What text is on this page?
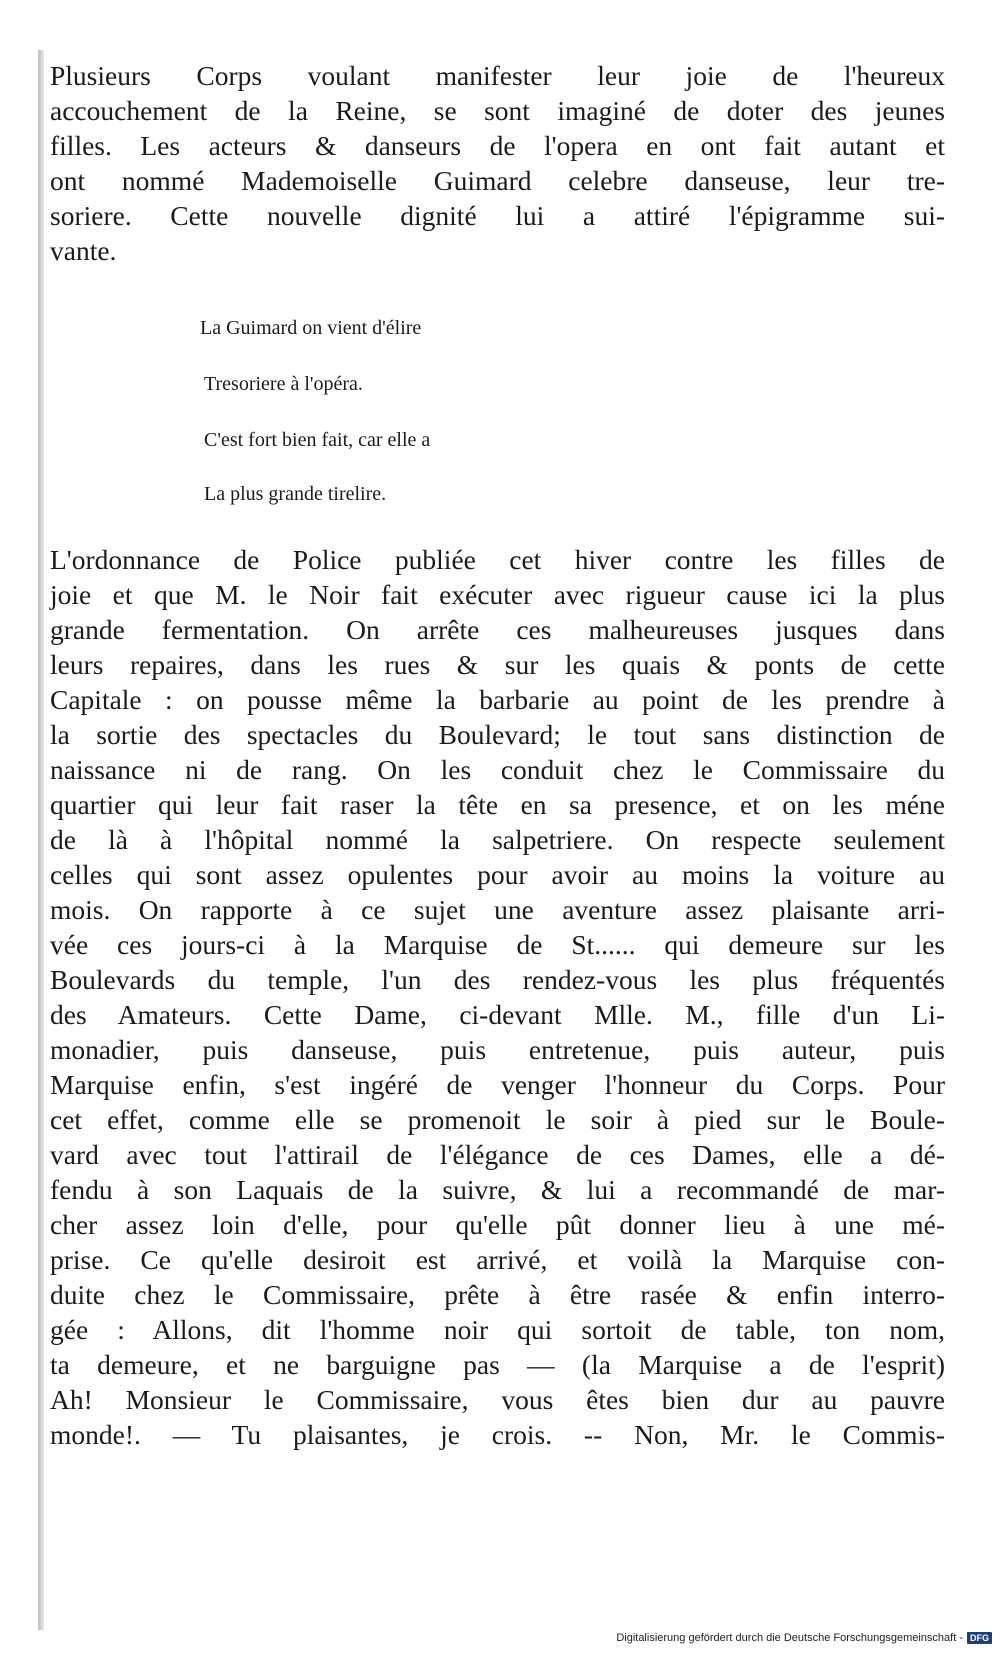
Plusieurs Corps voulant manifester leur joie de l'heureux
accouchement de la Reine, se sont imaginé de doter des jeunes
filles. Les acteurs & danseurs de l'opera en ont fait autant et
ont nommé Mademoiselle Guimard celebre danseuse, leur tre-
soriere. Cette nouvelle dignité lui a attiré l'épigramme sui-
vante.
La Guimard on vient d'élire
Tresoriere à l'opéra.
C'est fort bien fait, car elle a
La plus grande tirelire.
L'ordonnance de Police publiée cet hiver contre les filles de
joie et que M. le Noir fait exécuter avec rigueur cause ici la plus
grande fermentation. On arrête ces malheureuses jusques dans
leurs repaires, dans les rues & sur les quais & ponts de cette
Capitale : on pousse même la barbarie au point de les prendre à
la sortie des spectacles du Boulevard; le tout sans distinction de
naissance ni de rang. On les conduit chez le Commissaire du
quartier qui leur fait raser la tête en sa presence, et on les méne
de là à l'hôpital nommé la salpetriere. On respecte seulement
celles qui sont assez opulentes pour avoir au moins la voiture au
mois. On rapporte à ce sujet une aventure assez plaisante arri-
vée ces jours-ci à la Marquise de St...... qui demeure sur les
Boulevards du temple, l'un des rendez-vous les plus fréquentés
des Amateurs. Cette Dame, ci-devant Mlle. M., fille d'un Li-
monadier, puis danseuse, puis entretenue, puis auteur, puis
Marquise enfin, s'est ingéré de venger l'honneur du Corps. Pour
cet effet, comme elle se promenoit le soir à pied sur le Boule-
vard avec tout l'attirail de l'élégance de ces Dames, elle a dé-
fendu à son Laquais de la suivre, & lui a recommandé de mar-
cher assez loin d'elle, pour qu'elle pût donner lieu à une mé-
prise. Ce qu'elle desiroit est arrivé, et voilà la Marquise con-
duite chez le Commissaire, prête à être rasée & enfin interro-
gée : Allons, dit l'homme noir qui sortoit de table, ton nom,
ta demeure, et ne barguigne pas — (la Marquise a de l'esprit)
Ah! Monsieur le Commissaire, vous êtes bien dur au pauvre
monde!. — Tu plaisantes, je crois. -- Non, Mr. le Commis-
Digitalisierung gefördert durch die Deutsche Forschungsgemeinschaft - DFG
